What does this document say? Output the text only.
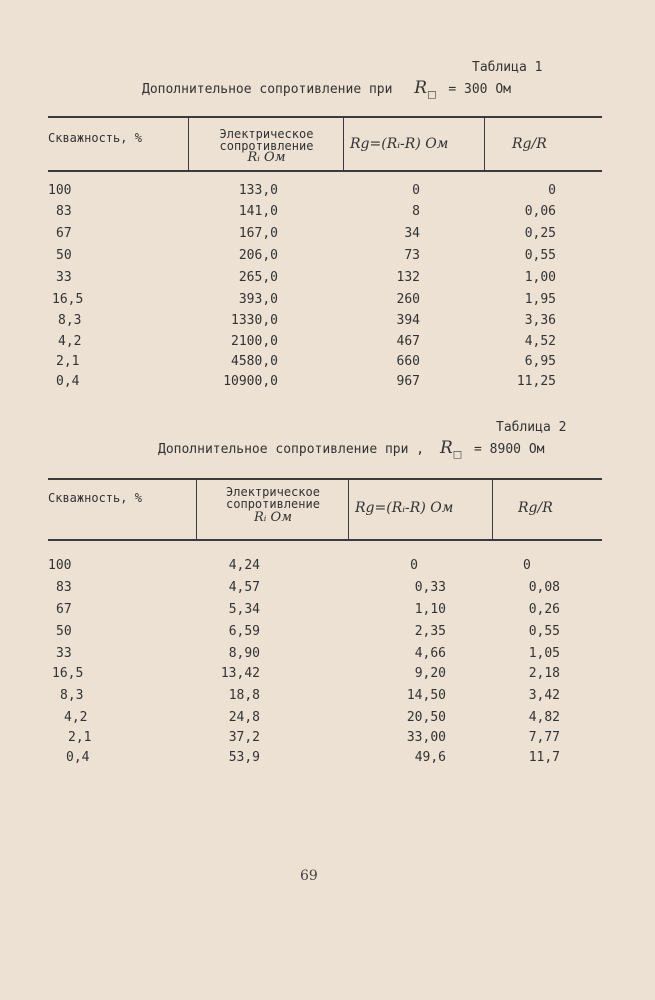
Таблица 1
Дополнительное сопротивление при $R_□ = 300$ Ом
Скважность, %	Электрическое
сопротивление
Rᵢ Ом
Rg=(Rᵢ-R) Ом	Rg/R
100	133,0	0	0
83	141,0	8	0,06
67	167,0	34	0,25
50	206,0	73	0,55
33	265,0	132	1,00
16,5	393,0	260	1,95
8,3	1330,0	394	3,36
4,2	2100,0	467	4,52
2,1	4580,0	660	6,95
0,4	10900,0	967	11,25
Таблица 2
Дополнительное сопротивление при , $R_□ = 8900$ Ом
Скважность, %	Электрическое
сопротивление
Rᵢ Ом
Rg=(Rᵢ-R) Ом	Rg/R
100	4,24	0	0
83	4,57	0,33	0,08
67	5,34	1,10	0,26
50	6,59	2,35	0,55
33	8,90	4,66	1,05
16,5	13,42	9,20	2,18
8,3	18,8	14,50	3,42
4,2	24,8	20,50	4,82
2,1	37,2	33,00	7,77
0,4	53,9	49,6	11,7
69
